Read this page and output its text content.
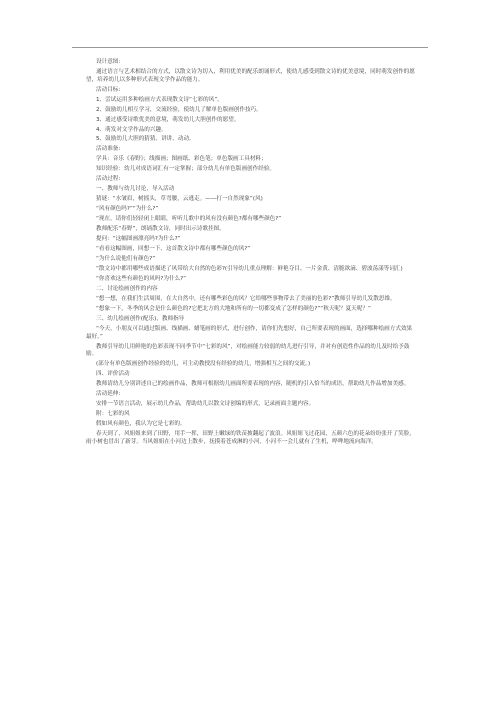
设计意图:

通过语言与艺术相结合的方式，以散文诗为切入，利用优美的配乐朗诵形式，使幼儿感受到散文诗的优美意境，同时萌发创作的愿望，培养幼儿以多种形式表现文学作品的能力。

活动目标:

1、尝试运用多种绘画方式表现散文诗“七彩的风”。

2、鼓励幼儿相互学习，交流经验，使幼儿了解单色版画创作技巧。

3、通过感受诗歌优美的意境，萌发幼儿大胆创作的愿望。

4、萌发对文学作品的兴趣。

5、鼓励幼儿大胆的猜猜、讲讲、动动。

活动准备:

学具：音乐《春野》；线描画；图画纸、彩色笔；单色版画工具材料；

知识经验：幼儿对成语词汇有一定掌握；部分幼儿有单色版画创作经验。

活动过程:

一、教师与幼儿讨论，导入活动

猜谜：“水皱眉，树摇头，草弯腰，云逃走。——打一自然现象”(风)

“风有颜色吗?”“为什么?”

“现在，请你们轻轻闭上眼睛，听听儿歌中的风有没有颜色?都有哪些颜色?”

教师配乐“春野”，朗诵散文诗，同时出示诗歌挂图。

提问：“这幅图画漂亮吗?为什么?”

“看看这幅图画，回想一下，这首散文诗中都有哪些颜色的风?”

“为什么说他们有颜色?”

“散文诗中都用哪些成语描述了风带给大自然的色彩?(引导幼儿重点理解：鲜艳夺目、一片金黄、清脆欲滴、碧波荡漾等词汇)

“你喜欢这些有颜色的风吗?为什么?”

二、讨论绘画创作的内容

“想一想，在我们生活周围，在大自然中，还有哪些彩色的风？它给哪些事物带去了美丽的色彩?”教师引导幼儿发散思维。

“想象一下，冬季的风会是什么颜色的?它把北方的大地和所有的一切都变成了怎样的颜色?”“秋天呢？夏天呢？”

三、幼儿绘画创作(配乐)，教师指导

“今天，小朋友可以通过版画、线描画、蜡笔画的形式，进行创作，请你们先想好，自己所要表现的画面，选择哪种绘画方式效果最好。”

教师引导幼儿用鲜艳的色彩表现不同季节中“七彩的风”，对绘画能力较弱的幼儿进行引导，并对有创造性作品的幼儿及时给予鼓励。

(部分有单色版画创作经验的幼儿，可主动教授没有经验的幼儿，增强相互之间的交流。)

四、评价活动

教师请幼儿分别讲述自己的绘画作品，教师可根据幼儿画面所要表现的内容，随机的引入恰当的成语，帮助幼儿作品增加美感。

活动延伸:

安排一节语言活动，展示幼儿作品，帮助幼儿以散文诗创编的形式，记录画面主题内容。

附：七彩的风

假如风有颜色，我认为它是七彩的。

春天到了，风姐姐来到了田野，用手一挥，田野上嫩绿的铁苗披翻起了波浪。风姐姐飞过花园，五颜六色的花朵纷纷张开了笑脸，雨小树也冒出了新芽。当风姐姐在小河边上散步，抚摸着苍成淋的小河，小河不一会儿就有了生机，哗哗地流向海洋。
